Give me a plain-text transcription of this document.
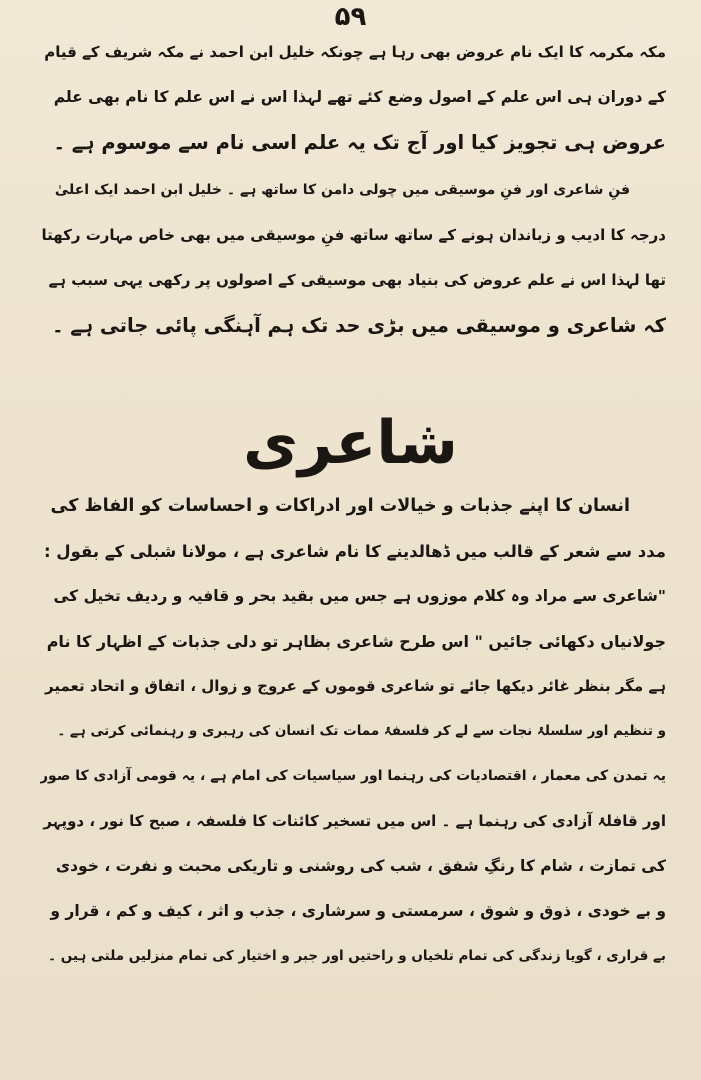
۵۹
مکہ مکرمہ کا ایک نام عروض بھی رہا ہے چونکہ خلیل ابن احمد نے مکہ شریف کے قیام
کے دوران ہی اس علم کے اصول وضع کئے تھے لہذا اس نے اس علم کا نام بھی علم
عروض ہی تجویز کیا اور آج تک یہ علم اسی نام سے موسوم ہے ۔
فنِ شاعری اور فنِ موسیقی میں چولی دامن کا ساتھ ہے ۔ خلیل ابن احمد ایک اعلیٰ
درجہ کا ادیب و زباندان ہونے کے ساتھ ساتھ فنِ موسیقی میں بھی خاص مہارت رکھتا
تھا لہذا اس نے علم عروض کی بنیاد بھی موسیقی کے اصولوں پر رکھی یہی سبب ہے
کہ شاعری و موسیقی میں بڑی حد تک ہم آہنگی پائی جاتی ہے ۔
شاعری
انسان کا اپنے جذبات و خیالات اور ادراکات و احساسات کو الفاظ کی
مدد سے شعر کے قالب میں ڈھالدینے کا نام شاعری ہے ، مولانا شبلی کے بقول :
"شاعری سے مراد وہ کلام موزوں ہے جس میں بقید بحر و قافیہ و ردیف تخیل کی
جولانیاں دکھائی جائیں " اس طرح شاعری بظاہر تو دلی جذبات کے اظہار کا نام
ہے مگر بنظر غائر دیکھا جائے تو شاعری قوموں کے عروج و زوال ، اتفاق و اتحاد تعمیر
و تنظیم اور سلسلۂ نجات سے لے کر فلسفۂ ممات تک انسان کی رہبری و رہنمائی کرتی ہے ۔
یہ تمدن کی معمار ، اقتصادیات کی رہنما اور سیاسیات کی امام ہے ، یہ قومی آزادی کا صور
اور قافلۂ آزادی کی رہنما ہے ۔ اس میں تسخیر کائنات کا فلسفہ ، صبح کا نور ، دوپہر
کی تمازت ، شام کا رنگِ شفق ، شب کی روشنی و تاریکی محبت و نفرت ، خودی
و بے خودی ، ذوق و شوق ، سرمستی و سرشاری ، جذب و اثر ، کیف و کم ، قرار و
بے قراری ، گویا زندگی کی تمام تلخیاں و راحتیں اور جبر و اختیار کی تمام منزلیں ملتی ہیں ۔
